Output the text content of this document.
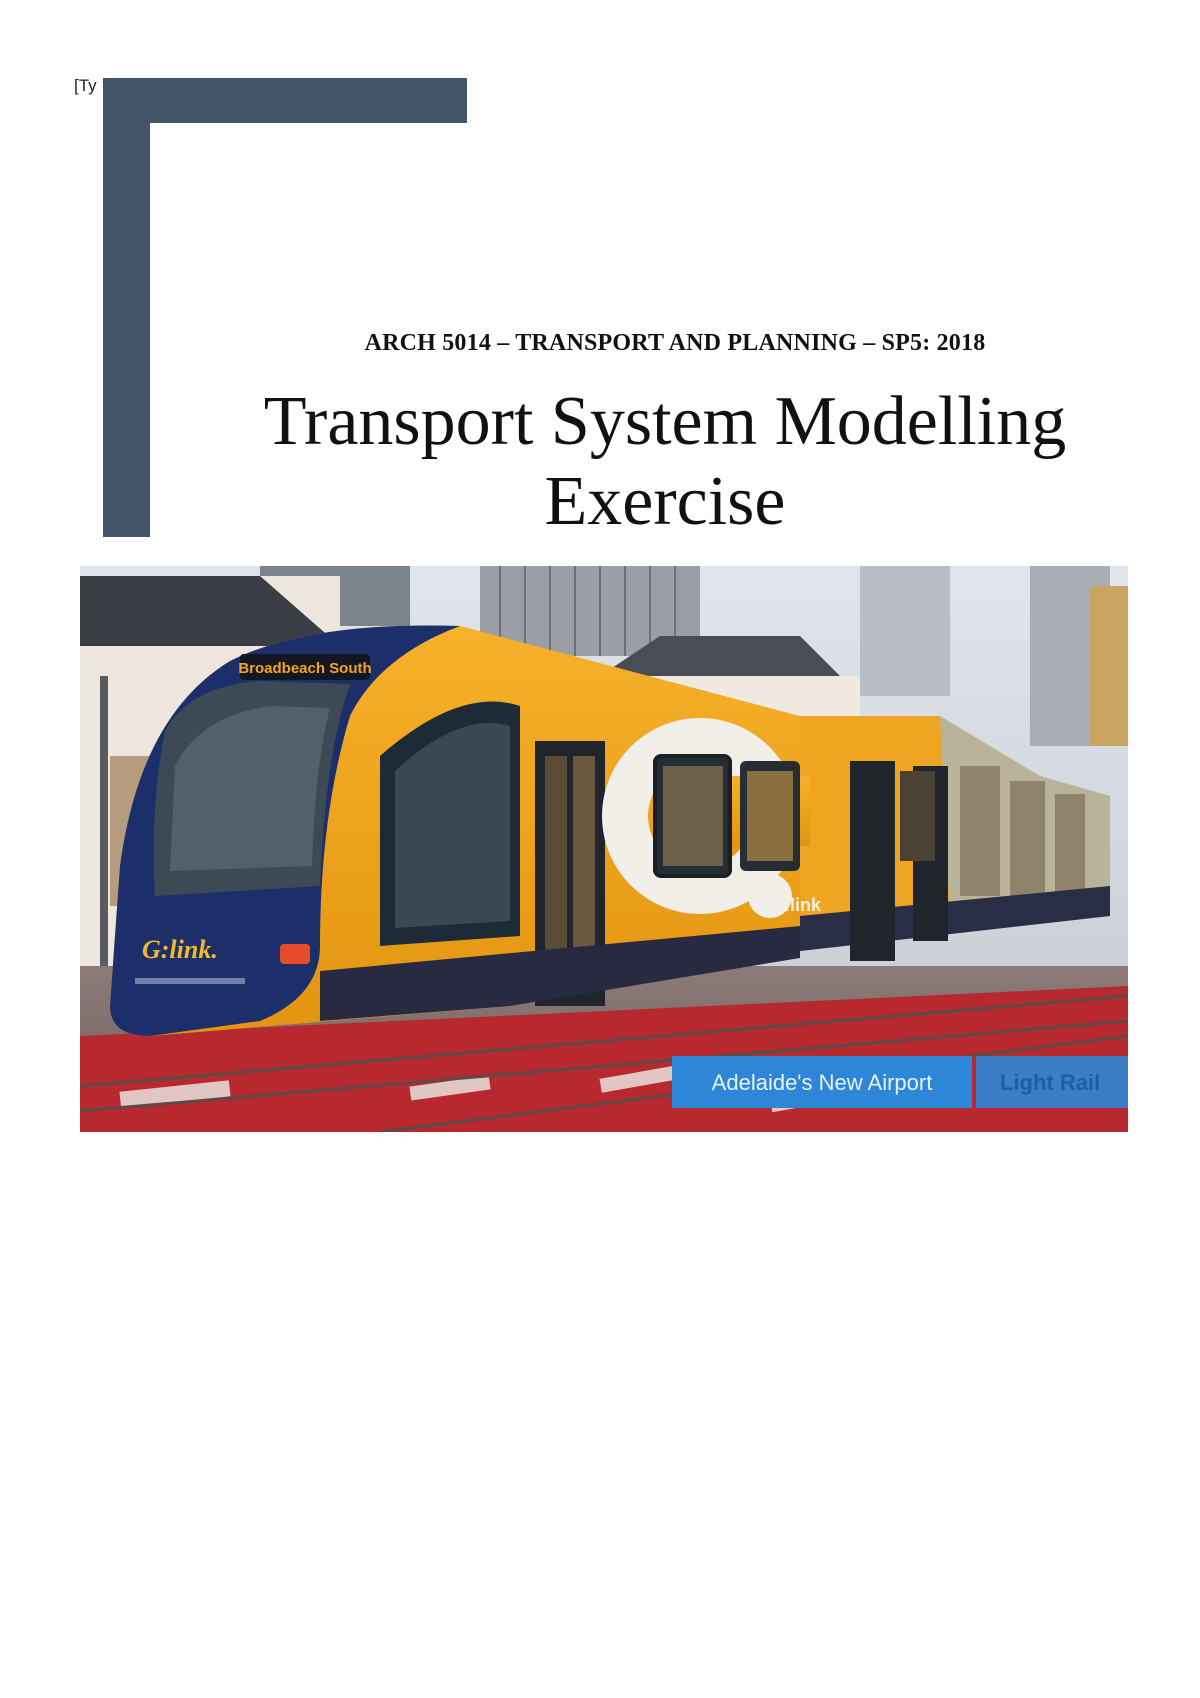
[Ty
ARCH 5014 – TRANSPORT AND PLANNING – SP5: 2018
Transport System Modelling Exercise
Broadbeach South
G:link
G:link.
Adelaide's New Airport	Light Rail
